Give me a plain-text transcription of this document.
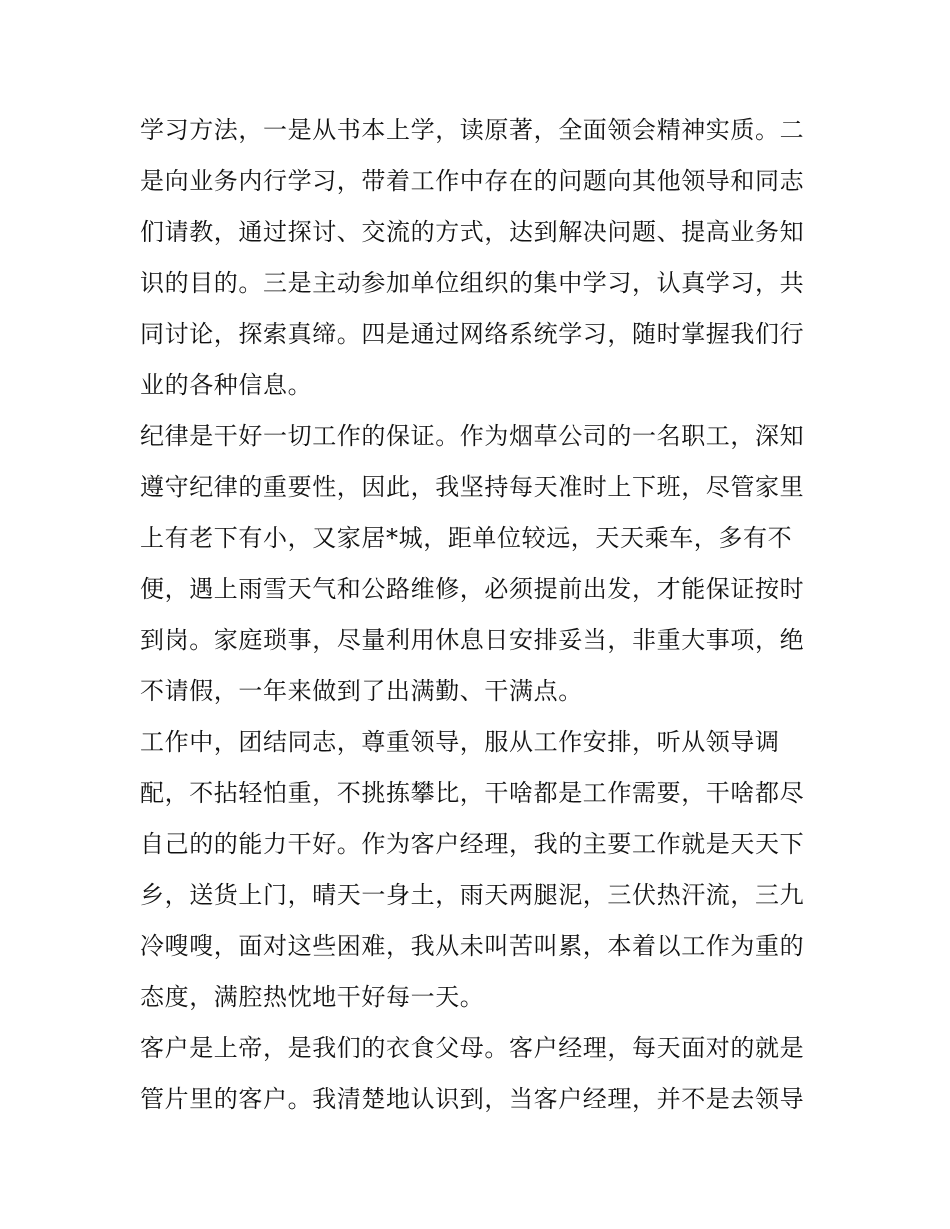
学习方法，一是从书本上学，读原著，全面领会精神实质。二
是向业务内行学习，带着工作中存在的问题向其他领导和同志
们请教，通过探讨、交流的方式，达到解决问题、提高业务知
识的目的。三是主动参加单位组织的集中学习，认真学习，共
同讨论，探索真缔。四是通过网络系统学习，随时掌握我们行
业的各种信息。

纪律是干好一切工作的保证。作为烟草公司的一名职工，深知
遵守纪律的重要性，因此，我坚持每天准时上下班，尽管家里
上有老下有小，又家居*城，距单位较远，天天乘车，多有不
便，遇上雨雪天气和公路维修，必须提前出发，才能保证按时
到岗。家庭琐事，尽量利用休息日安排妥当，非重大事项，绝
不请假，一年来做到了出满勤、干满点。

工作中，团结同志，尊重领导，服从工作安排，听从领导调
配，不拈轻怕重，不挑拣攀比，干啥都是工作需要，干啥都尽
自己的的能力干好。作为客户经理，我的主要工作就是天天下
乡，送货上门，晴天一身土，雨天两腿泥，三伏热汗流，三九
冷嗖嗖，面对这些困难，我从未叫苦叫累，本着以工作为重的
态度，满腔热忱地干好每一天。

客户是上帝，是我们的衣食父母。客户经理，每天面对的就是
管片里的客户。我清楚地认识到，当客户经理，并不是去领导
